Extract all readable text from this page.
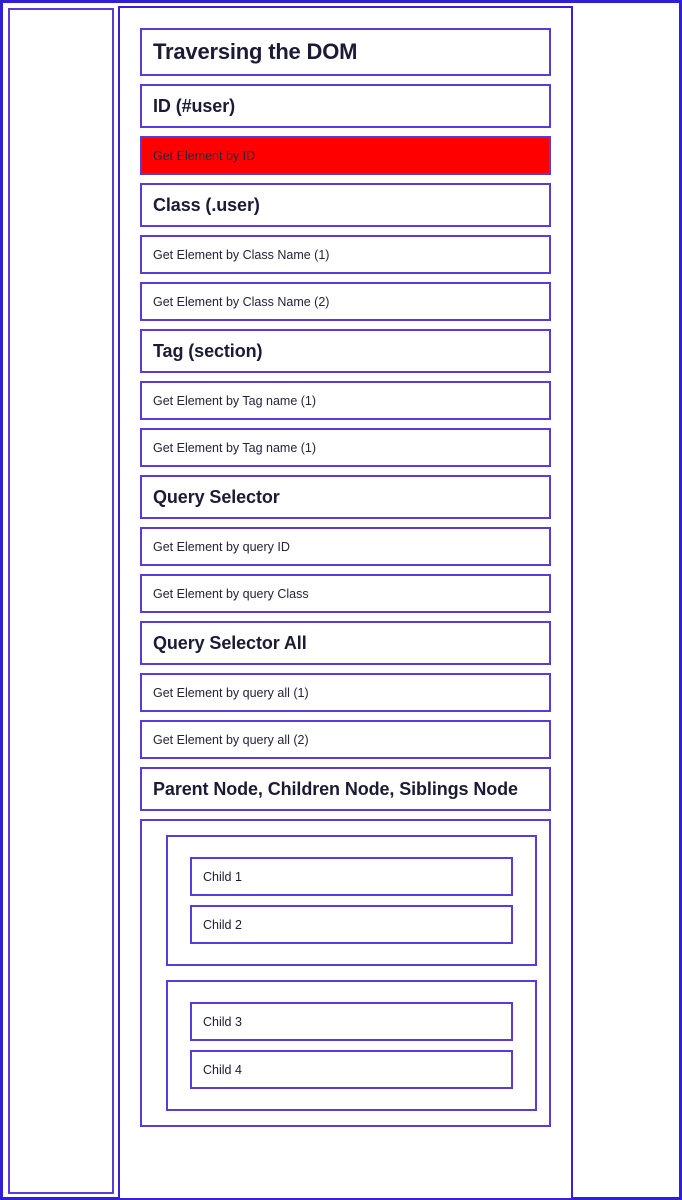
Traversing the DOM
ID (#user)
Get Element by ID
Class (.user)
Get Element by Class Name (1)
Get Element by Class Name (2)
Tag (section)
Get Element by Tag name (1)
Get Element by Tag name (1)
Query Selector
Get Element by query ID
Get Element by query Class
Query Selector All
Get Element by query all (1)
Get Element by query all (2)
Parent Node, Children Node, Siblings Node
Child 1
Child 2
Child 3
Child 4
